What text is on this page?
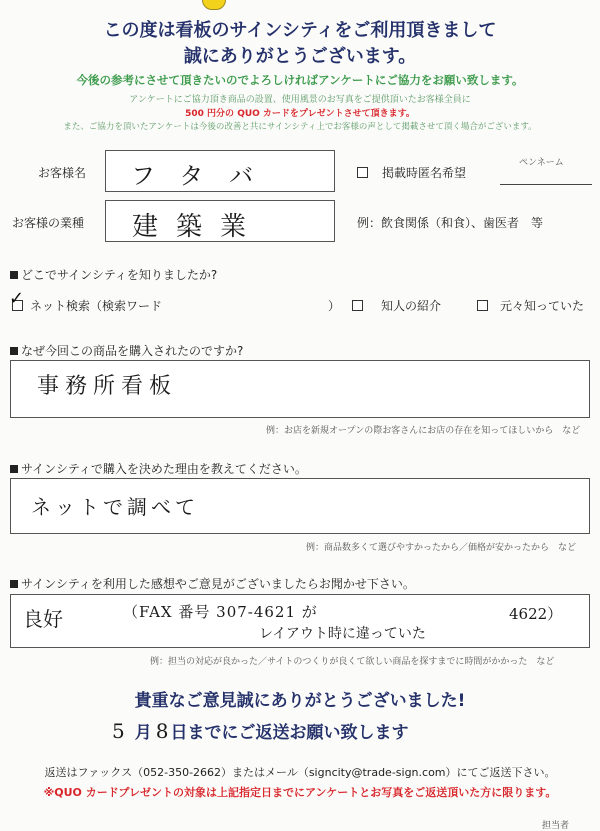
この度は看板のサインシティをご利用頂きまして
誠にありがとうございます。
今後の参考にさせて頂きたいのでよろしければアンケートにご協力をお願い致します。
アンケートにご協力頂き商品の設置、使用風景のお写真をご提供頂いたお客様全員に
500 円分の QUO カードをプレゼントさせて頂きます。
また、ご協力を頂いたアンケートは今後の改善と共にサインシティ上でお客様の声として掲載させて頂く場合がございます。
お客様名 フタバ	掲載時匿名希望
ペンネーム
お客様の業種 建築業	例：飲食関係（和食）、歯医者　等
どこでサインシティを知りましたか?
✓ ネット検索（検索ワード	）	知人の紹介	元々知っていた
なぜ今回この商品を購入されたのですか?
事務所看板
例：お店を新規オープンの際お客さんにお店の存在を知ってほしいから　など
サインシティで購入を決めた理由を教えてください。
ネットで調べて
例：商品数多くて選びやすかったから／価格が安かったから　など
サインシティを利用した感想やご意見がございましたらお聞かせ下さい。
良好	（FAX 番号 307-4621 が	4622）
レイアウト時に違っていた
例：担当の対応が良かった／サイトのつくりが良くて欲しい商品を探すまでに時間がかかった　など
貴重なご意見誠にありがとうございました!
5 月 8 日までにご返送お願い致します
返送はファックス（052-350-2662）またはメール（signcity@trade-sign.com）にてご返送下さい。
※QUO カードプレゼントの対象は上記指定日までにアンケートとお写真をご返送頂いた方に限ります。
担当者
